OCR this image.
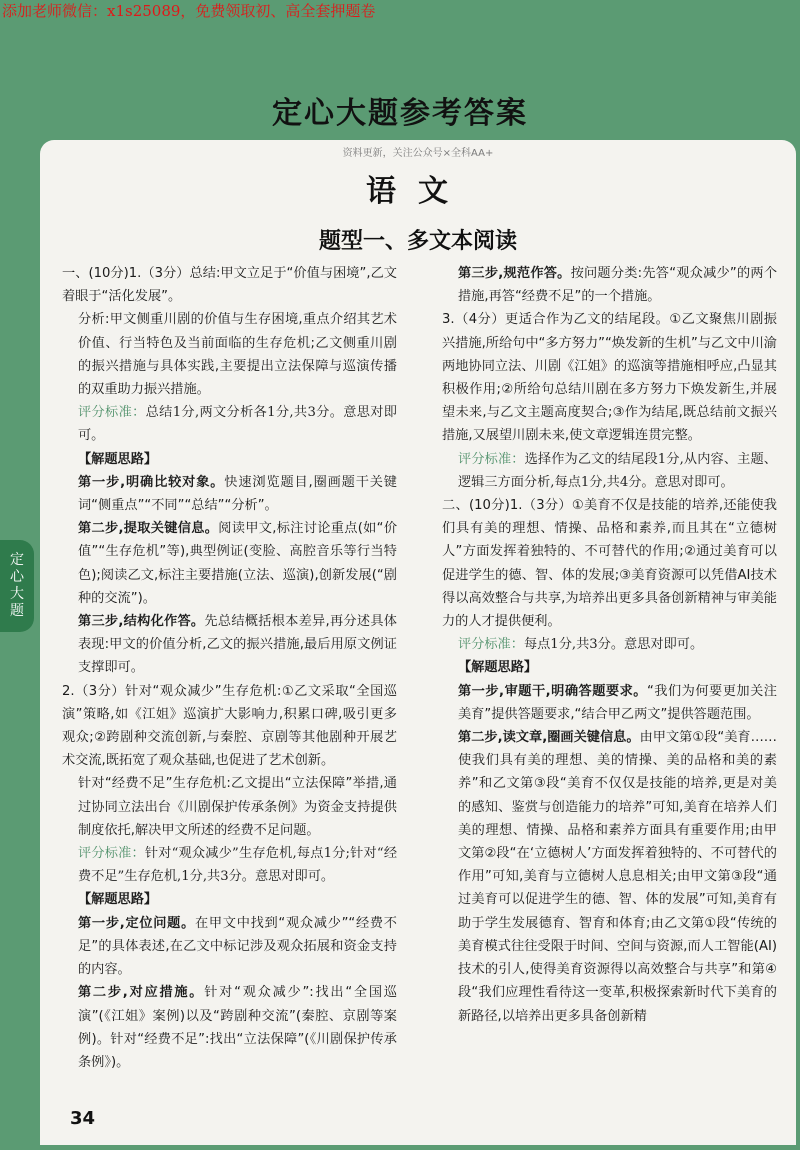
添加老师微信：x1s25089，免费领取初、高全套押题卷
定心大题参考答案
资料更新，关注公众号×全科AA+
语文
题型一、多文本阅读

一、(10分)1.（3分）总结:甲文立足于“价值与困境”,乙文着眼于“活化发展”。

分析:甲文侧重川剧的价值与生存困境,重点介绍其艺术价值、行当特色及当前面临的生存危机;乙文侧重川剧的振兴措施与具体实践,主要提出立法保障与巡演传播的双重助力振兴措施。

评分标准：总结1分,两文分析各1分,共3分。意思对即可。

【解题思路】

第一步,明确比较对象。快速浏览题目,圈画题干关键词“侧重点”“不同”“总结”“分析”。

第二步,提取关键信息。阅读甲文,标注讨论重点(如“价值”“生存危机”等),典型例证(变脸、高腔音乐等行当特色);阅读乙文,标注主要措施(立法、巡演),创新发展(“剧种的交流”)。

第三步,结构化作答。先总结概括根本差异,再分述具体表现:甲文的价值分析,乙文的振兴措施,最后用原文例证支撑即可。

2.（3分）针对“观众减少”生存危机:①乙文采取“全国巡演”策略,如《江姐》巡演扩大影响力,积累口碑,吸引更多观众;②跨剧种交流创新,与秦腔、京剧等其他剧种开展艺术交流,既拓宽了观众基础,也促进了艺术创新。

针对“经费不足”生存危机:乙文提出“立法保障”举措,通过协同立法出台《川剧保护传承条例》为资金支持提供制度依托,解决甲文所述的经费不足问题。

评分标准：针对“观众减少”生存危机,每点1分;针对“经费不足”生存危机,1分,共3分。意思对即可。

【解题思路】

第一步,定位问题。在甲文中找到“观众减少”“经费不足”的具体表述,在乙文中标记涉及观众拓展和资金支持的内容。

第二步,对应措施。针对“观众减少”:找出“全国巡演”(《江姐》案例)以及“跨剧种交流”(秦腔、京剧等案例)。针对“经费不足”:找出“立法保障”(《川剧保护传承条例》)。

第三步,规范作答。按问题分类:先答“观众减少”的两个措施,再答“经费不足”的一个措施。

3.（4分）更适合作为乙文的结尾段。①乙文聚焦川剧振兴措施,所给句中“多方努力”“焕发新的生机”与乙文中川渝两地协同立法、川剧《江姐》的巡演等措施相呼应,凸显其积极作用;②所给句总结川剧在多方努力下焕发新生,并展望未来,与乙文主题高度契合;③作为结尾,既总结前文振兴措施,又展望川剧未来,使文章逻辑连贯完整。

评分标准：选择作为乙文的结尾段1分,从内容、主题、逻辑三方面分析,每点1分,共4分。意思对即可。

二、(10分)1.（3分）①美育不仅是技能的培养,还能使我们具有美的理想、情操、品格和素养,而且其在“立德树人”方面发挥着独特的、不可替代的作用;②通过美育可以促进学生的德、智、体的发展;③美育资源可以凭借AI技术得以高效整合与共享,为培养出更多具备创新精神与审美能力的人才提供便利。

评分标准：每点1分,共3分。意思对即可。

【解题思路】

第一步,审题干,明确答题要求。“我们为何要更加关注美育”提供答题要求,“结合甲乙两文”提供答题范围。

第二步,读文章,圈画关键信息。由甲文第①段“美育……使我们具有美的理想、美的情操、美的品格和美的素养”和乙文第③段“美育不仅仅是技能的培养,更是对美的感知、鉴赏与创造能力的培养”可知,美育在培养人们美的理想、情操、品格和素养方面具有重要作用;由甲文第②段“在‘立德树人’方面发挥着独特的、不可替代的作用”可知,美育与立德树人息息相关;由甲文第③段“通过美育可以促进学生的德、智、体的发展”可知,美育有助于学生发展德育、智育和体育;由乙文第①段“传统的美育模式往往受限于时间、空间与资源,而人工智能(AI)技术的引人,使得美育资源得以高效整合与共享”和第④段“我们应理性看待这一变革,积极探索新时代下美育的新路径,以培养出更多具备创新精

定
心
大
题
34
